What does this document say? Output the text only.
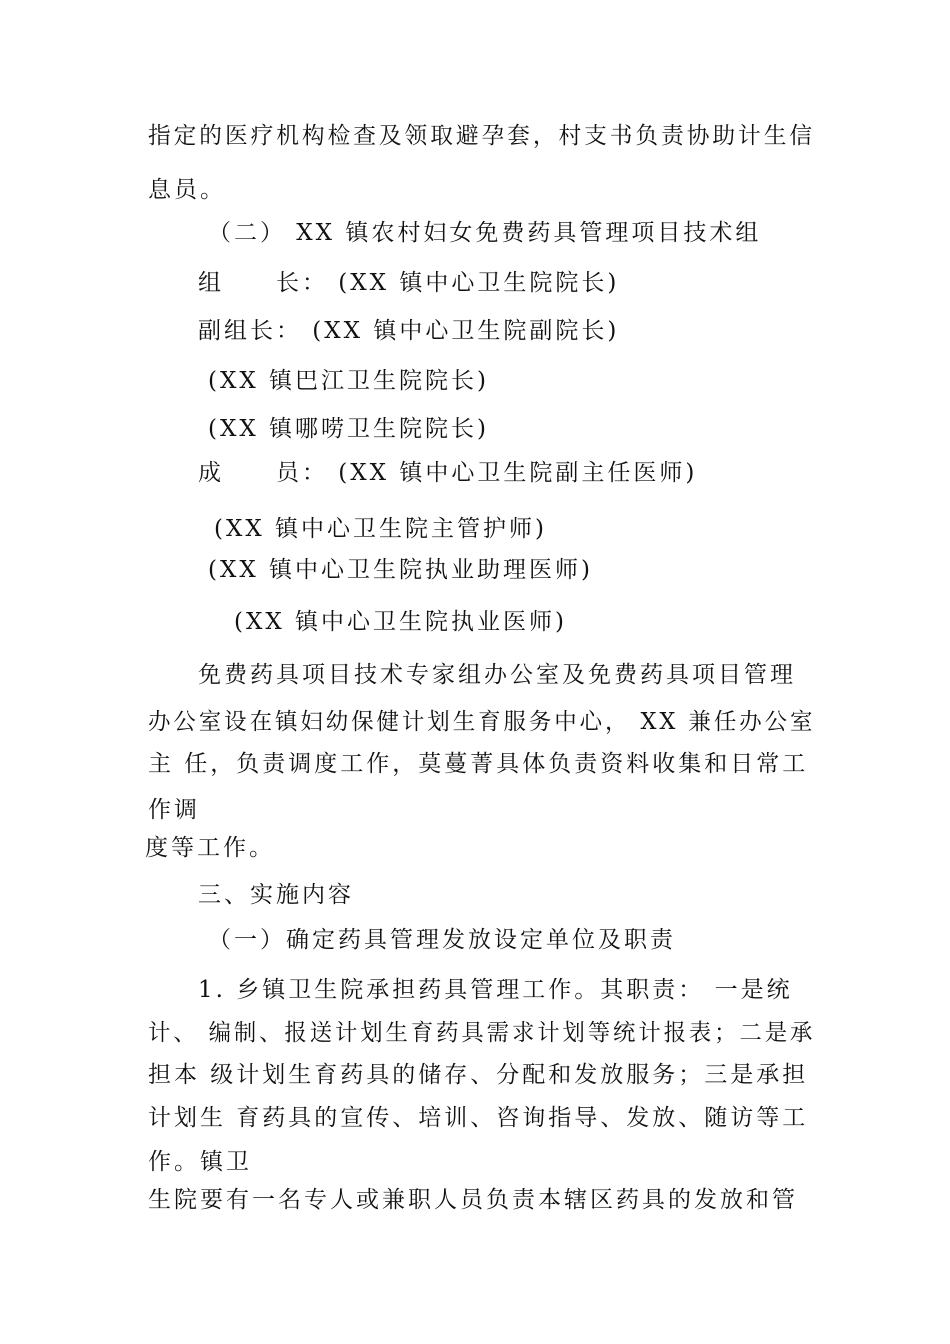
指定的医疗机构检查及领取避孕套，村支书负责协助计生信
息员。
（二） XX 镇农村妇女免费药具管理项目技术组
组　　长： (XX 镇中心卫生院院长)
副组长： (XX 镇中心卫生院副院长)
(XX 镇巴江卫生院院长)
(XX 镇哪唠卫生院院长)
成　　员： (XX 镇中心卫生院副主任医师)
(XX 镇中心卫生院主管护师)
(XX 镇中心卫生院执业助理医师)
(XX 镇中心卫生院执业医师)
免费药具项目技术专家组办公室及免费药具项目管理
办公室设在镇妇幼保健计划生育服务中心， XX 兼任办公室
主 任，负责调度工作，莫蔓菁具体负责资料收集和日常工
作调
度等工作。
三、实施内容
（一）确定药具管理发放设定单位及职责
1. 乡镇卫生院承担药具管理工作。其职责： 一是统
计、 编制、报送计划生育药具需求计划等统计报表；二是承
担本 级计划生育药具的储存、分配和发放服务；三是承担
计划生 育药具的宣传、培训、咨询指导、发放、随访等工
作。镇卫
生院要有一名专人或兼职人员负责本辖区药具的发放和管
